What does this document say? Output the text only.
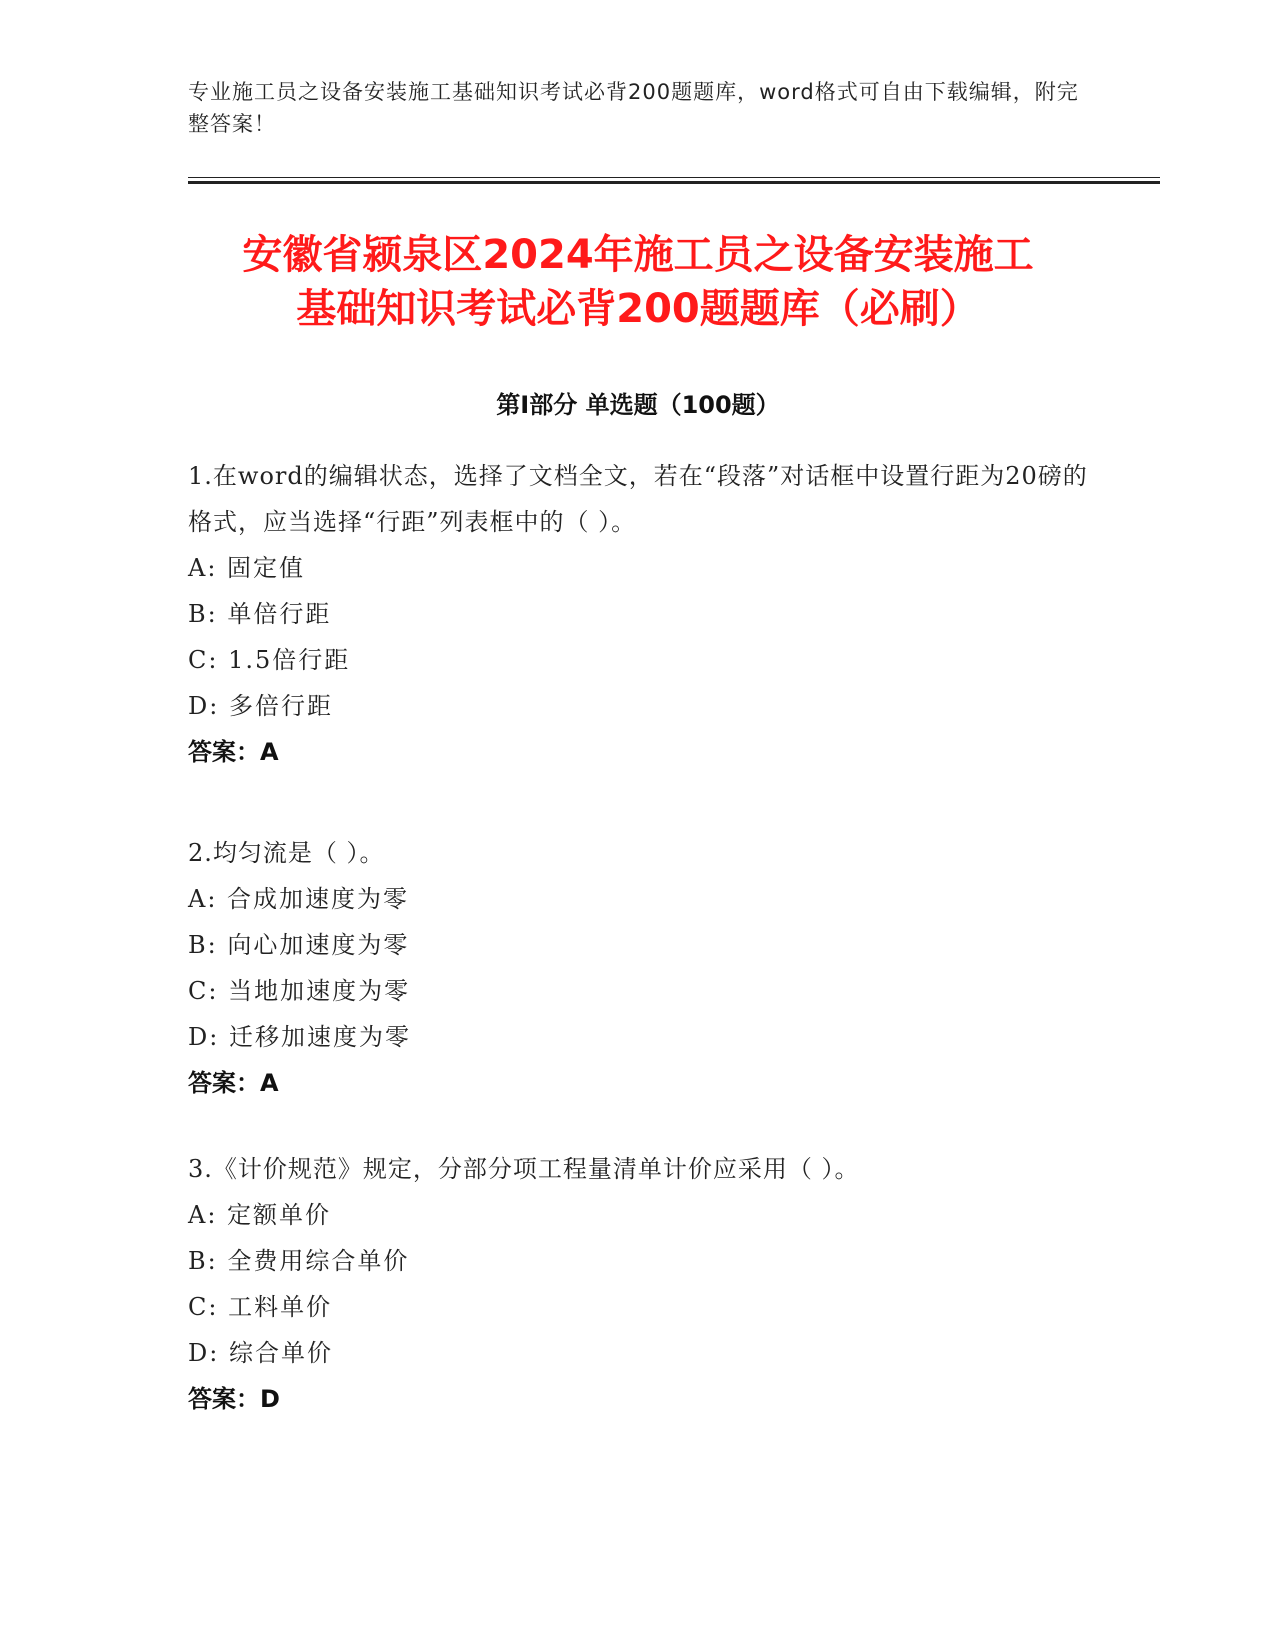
专业施工员之设备安装施工基础知识考试必背200题题库，word格式可自由下载编辑，附完整答案！
安徽省颍泉区2024年施工员之设备安装施工
基础知识考试必背200题题库（必刷）
第Ⅰ部分 单选题（100题）
1.在word的编辑状态，选择了文档全文，若在“段落”对话框中设置行距为20磅的格式，应当选择“行距”列表框中的（ ）。
A: 固定值
B: 单倍行距
C: 1.5倍行距
D: 多倍行距
答案：A
2.均匀流是（ ）。
A: 合成加速度为零
B: 向心加速度为零
C: 当地加速度为零
D: 迁移加速度为零
答案：A
3.《计价规范》规定，分部分项工程量清单计价应采用（ ）。
A: 定额单价
B: 全费用综合单价
C: 工料单价
D: 综合单价
答案：D
